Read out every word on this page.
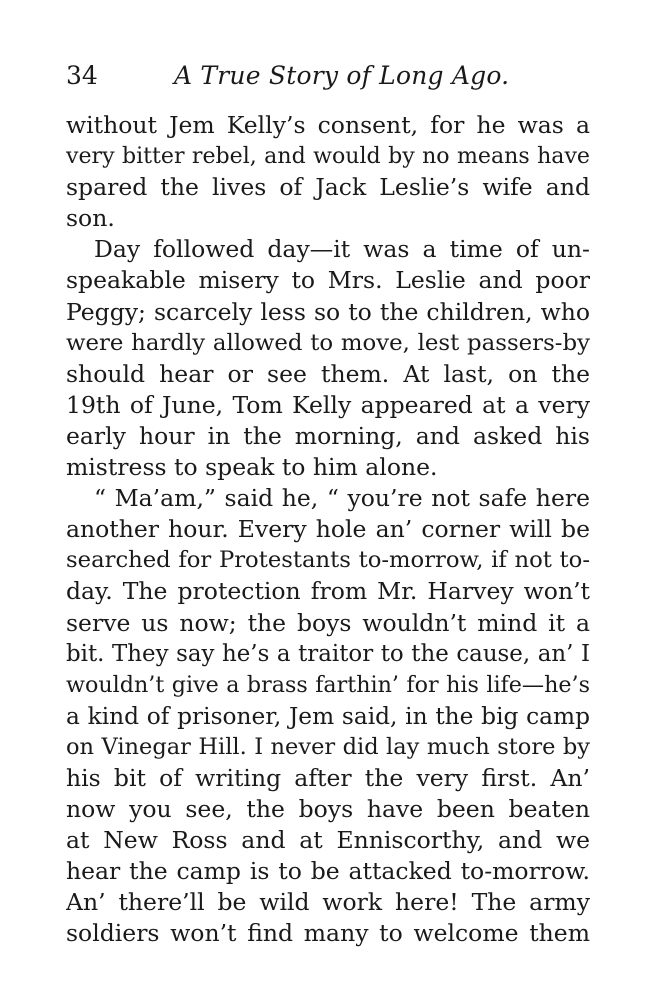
34	A True Story of Long Ago.
without Jem Kelly’s consent, for he was a
very bitter rebel, and would by no means have
spared the lives of Jack Leslie’s wife and
son.
Day followed day—it was a time of un-
speakable misery to Mrs. Leslie and poor
Peggy; scarcely less so to the children, who
were hardly allowed to move, lest passers-by
should hear or see them. At last, on the
19th of June, Tom Kelly appeared at a very
early hour in the morning, and asked his
mistress to speak to him alone.
“ Ma’am,” said he, “ you’re not safe here
another hour. Every hole an’ corner will be
searched for Protestants to-morrow, if not to-
day. The protection from Mr. Harvey won’t
serve us now; the boys wouldn’t mind it a
bit. They say he’s a traitor to the cause, an’ I
wouldn’t give a brass farthin’ for his life—he’s
a kind of prisoner, Jem said, in the big camp
on Vinegar Hill. I never did lay much store by
his bit of writing after the very first. An’
now you see, the boys have been beaten
at New Ross and at Enniscorthy, and we
hear the camp is to be attacked to-morrow.
An’ there’ll be wild work here! The army
soldiers won’t find many to welcome them
